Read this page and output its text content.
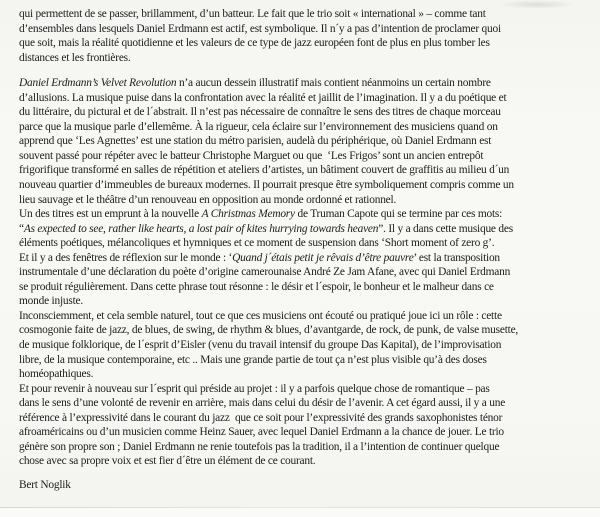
qui permettent de se passer, brillamment, d’un batteur. Le fait que le trio soit « international » – comme tant
d’ensembles dans lesquels Daniel Erdmann est actif, est symbolique. Il n´y a pas d’intention de proclamer quoi
que soit, mais la réalité quotidienne et les valeurs de ce type de jazz européen font de plus en plus tomber les
distances et les frontières.
Daniel Erdmann’s Velvet Revolution n’a aucun dessein illustratif mais contient néanmoins un certain nombre
d’allusions. La musique puise dans la confrontation avec la réalité et jaillit de l’imagination. Il y a du poétique et
du littéraire, du pictural et de l´abstrait. Il n’est pas nécessaire de connaître le sens des titres de chaque morceau
parce que la musique parle d’ellemême. À la rigueur, cela éclaire sur l’environnement des musiciens quand on
apprend que ‘Les Agnettes’ est une station du métro parisien, audelà du périphérique, où Daniel Erdmann est
souvent passé pour répéter avec le batteur Christophe Marguet ou que  ‘Les Frigos’ sont un ancien entrepôt
frigorifique transformé en salles de répétition et ateliers d’artistes, un bâtiment couvert de graffitis au milieu d´un
nouveau quartier d’immeubles de bureaux modernes. Il pourrait presque être symboliquement compris comme un
lieu sauvage et le théâtre d’un renouveau en opposition au monde ordonné et rationnel.
Un des titres est un emprunt à la nouvelle A Christmas Memory de Truman Capote qui se termine par ces mots:
“As expected to see, rather like hearts, a lost pair of kites hurrying towards heaven”. Il y a dans cette musique des
éléments poétiques, mélancoliques et hymniques et ce moment de suspension dans ‘Short moment of zero g’.
Et il y a des fenêtres de réflexion sur le monde : ‘Quand j´étais petit je rêvais d’être pauvre’ est la transposition
instrumentale d’une déclaration du poète d’origine camerounaise André Ze Jam Afane, avec qui Daniel Erdmann
se produit régulièrement. Dans cette phrase tout résonne : le désir et l´espoir, le bonheur et le malheur dans ce
monde injuste.
Inconsciemment, et cela semble naturel, tout ce que ces musiciens ont écouté ou pratiqué joue ici un rôle : cette
cosmogonie faite de jazz, de blues, de swing, de rhythm & blues, d’avantgarde, de rock, de punk, de valse musette,
de musique folklorique, de l´esprit d’Eisler (venu du travail intensif du groupe Das Kapital), de l’improvisation
libre, de la musique contemporaine, etc .. Mais une grande partie de tout ça n’est plus visible qu’à des doses
homéopathiques.
Et pour revenir à nouveau sur l´esprit qui préside au projet : il y a parfois quelque chose de romantique – pas
dans le sens d’une volonté de revenir en arrière, mais dans celui du désir de l’avenir. A cet égard aussi, il y a une
référence à l’expressivité dans le courant du jazz  que ce soit pour l’expressivité des grands saxophonistes ténor
afroaméricains ou d’un musicien comme Heinz Sauer, avec lequel Daniel Erdmann a la chance de jouer. Le trio
génère son propre son ; Daniel Erdmann ne renie toutefois pas la tradition, il a l’intention de continuer quelque
chose avec sa propre voix et est fier d´être un élément de ce courant.
Bert Noglik
